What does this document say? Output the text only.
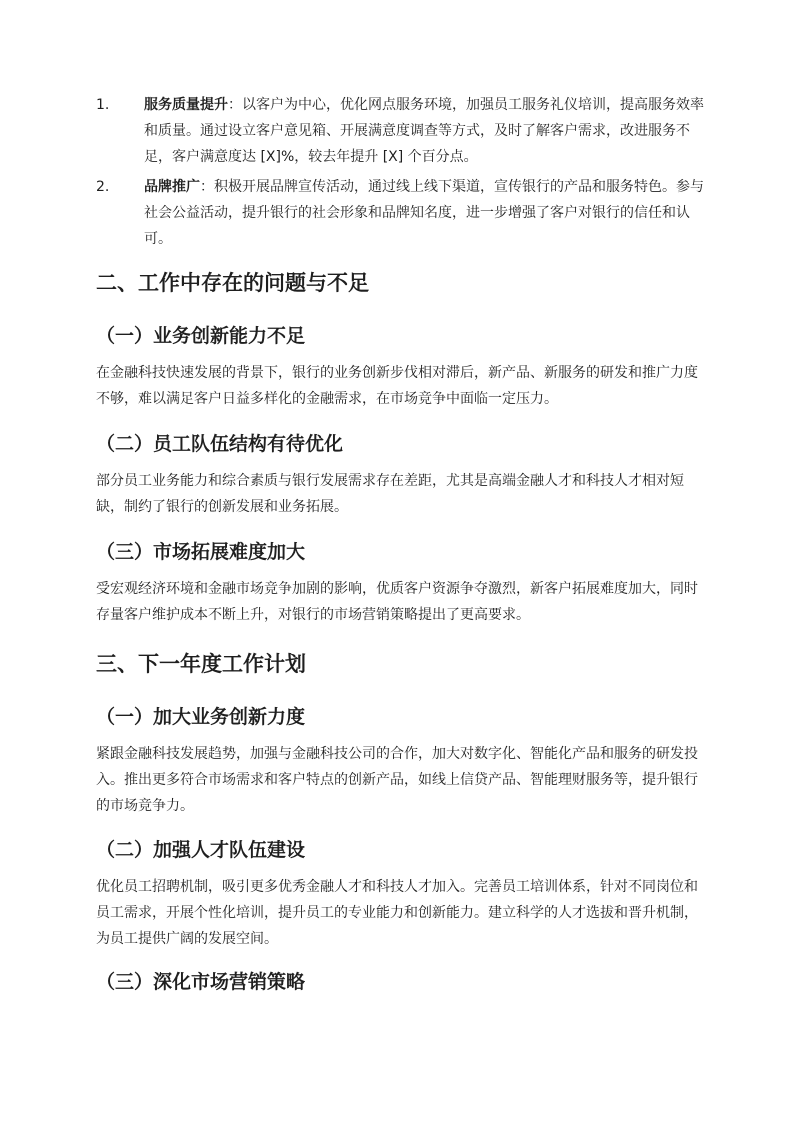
1.	服务质量提升：以客户为中心，优化网点服务环境，加强员工服务礼仪培训，提高服务效率和质量。通过设立客户意见箱、开展满意度调查等方式，及时了解客户需求，改进服务不足，客户满意度达 [X]%，较去年提升 [X] 个百分点。
2.	品牌推广：积极开展品牌宣传活动，通过线上线下渠道，宣传银行的产品和服务特色。参与社会公益活动，提升银行的社会形象和品牌知名度，进一步增强了客户对银行的信任和认可。
二、工作中存在的问题与不足
（一）业务创新能力不足
在金融科技快速发展的背景下，银行的业务创新步伐相对滞后，新产品、新服务的研发和推广力度不够，难以满足客户日益多样化的金融需求，在市场竞争中面临一定压力。
（二）员工队伍结构有待优化
部分员工业务能力和综合素质与银行发展需求存在差距，尤其是高端金融人才和科技人才相对短缺，制约了银行的创新发展和业务拓展。
（三）市场拓展难度加大
受宏观经济环境和金融市场竞争加剧的影响，优质客户资源争夺激烈，新客户拓展难度加大，同时存量客户维护成本不断上升，对银行的市场营销策略提出了更高要求。
三、下一年度工作计划
（一）加大业务创新力度
紧跟金融科技发展趋势，加强与金融科技公司的合作，加大对数字化、智能化产品和服务的研发投入。推出更多符合市场需求和客户特点的创新产品，如线上信贷产品、智能理财服务等，提升银行的市场竞争力。
（二）加强人才队伍建设
优化员工招聘机制，吸引更多优秀金融人才和科技人才加入。完善员工培训体系，针对不同岗位和员工需求，开展个性化培训，提升员工的专业能力和创新能力。建立科学的人才选拔和晋升机制，为员工提供广阔的发展空间。
（三）深化市场营销策略
